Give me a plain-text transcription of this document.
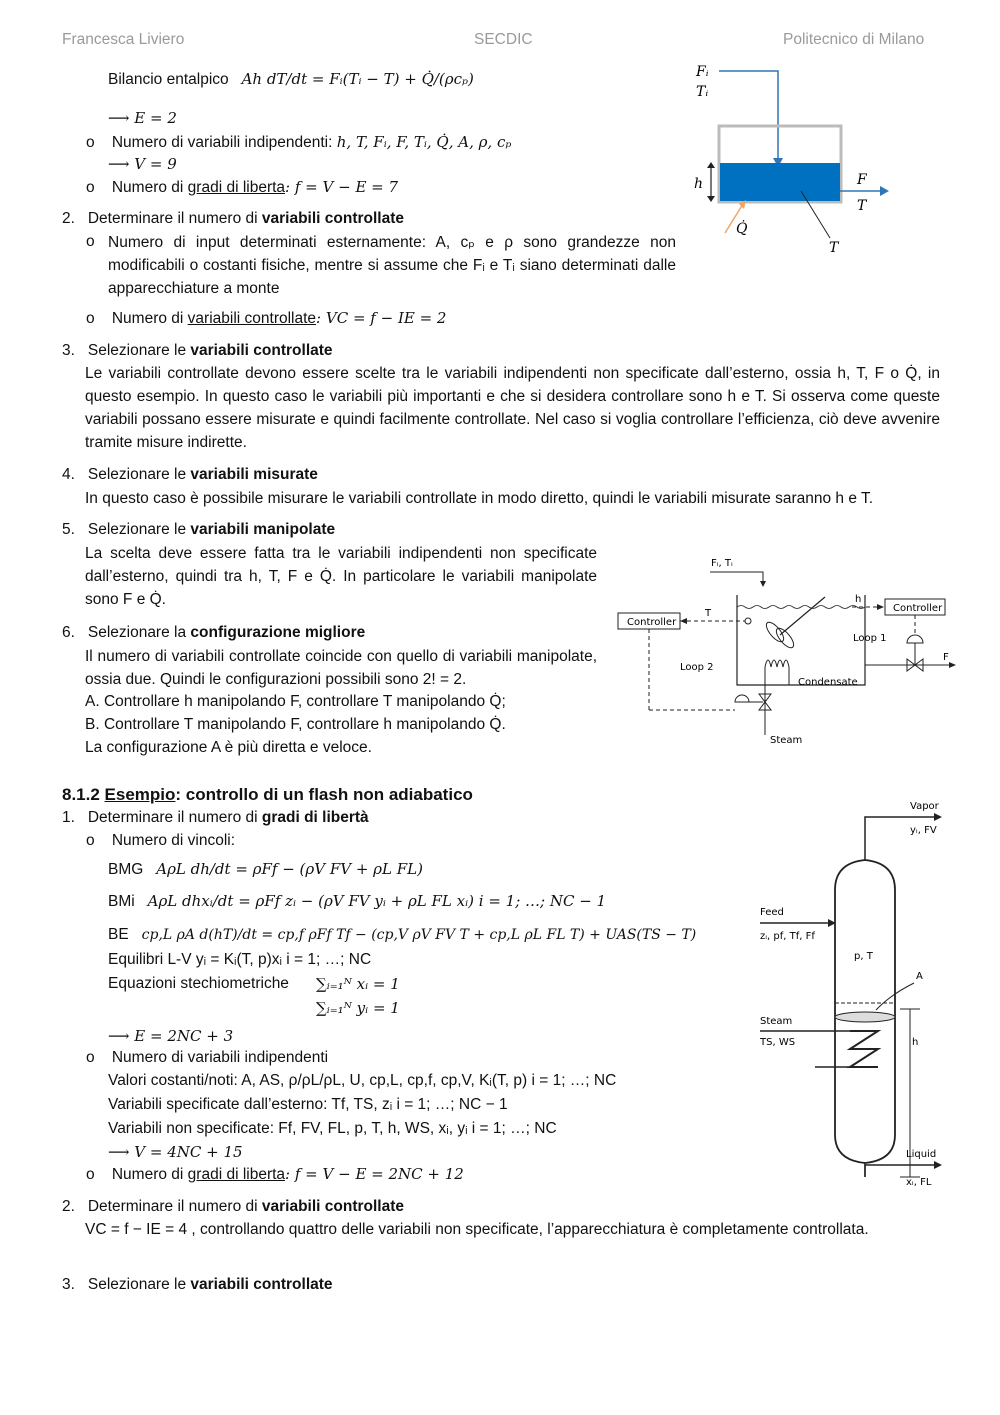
Francesca Liviero	SECDIC	Politecnico di Milano
Bilancio entalpico Ah dT/dt = Fᵢ(Tᵢ − T) + Q̇/(ρcₚ)
⟶ E = 2
o Numero di variabili indipendenti: h, T, Fᵢ, F, Tᵢ, Q̇, A, ρ, cₚ
⟶ V = 9
o Numero di gradi di liberta: f = V − E = 7
2. Determinare il numero di variabili controllate
o Numero di input determinati esternamente: A, cₚ e ρ sono grandezze non modificabili o costanti fisiche, mentre si assume che Fᵢ e Tᵢ siano determinati dalle apparecchiature a monte
o Numero di variabili controllate: VC = f − IE = 2
3. Selezionare le variabili controllate
Le variabili controllate devono essere scelte tra le variabili indipendenti non specificate dall’esterno, ossia h, T, F o Q̇, in questo esempio. In questo caso le variabili più importanti e che si desidera controllare sono h e T. Si osserva come queste variabili possano essere misurate e quindi facilmente controllate. Nel caso si voglia controllare l’efficienza, ciò deve avvenire tramite misure indirette.
4. Selezionare le variabili misurate
In questo caso è possibile misurare le variabili controllate in modo diretto, quindi le variabili misurate saranno h e T.
5. Selezionare le variabili manipolate
La scelta deve essere fatta tra le variabili indipendenti non specificate dall’esterno, quindi tra h, T, F e Q̇. In particolare le variabili manipolate sono F e Q̇.
6. Selezionare la configurazione migliore
Il numero di variabili controllate coincide con quello di variabili manipolate, ossia due. Quindi le configurazioni possibili sono 2! = 2.
A. Controllare h manipolando F, controllare T manipolando Q̇;
B. Controllare T manipolando F, controllare h manipolando Q̇.
La configurazione A è più diretta e veloce.
Fᵢ
Tᵢ
F
T
h
Q̇
T
Fᵢ, Tᵢ
Controller
T
h
Controller
Loop 1
F
Loop 2
Condensate
Steam
8.1.2 Esempio: controllo di un flash non adiabatico
1. Determinare il numero di gradi di libertà
o Numero di vincoli:
BMG AρL dh/dt = ρFf − (ρV FV + ρL FL)
BMi AρL dhxᵢ/dt = ρFf zᵢ − (ρV FV yᵢ + ρL FL xᵢ) i = 1; …; NC − 1
BE cp,L ρA d(hT)/dt = cp,f ρFf Tf − (cp,V ρV FV T + cp,L ρL FL T) + UAS(TS − T)
Equilibri L-V yᵢ = Kᵢ(T, p)xᵢ i = 1; …; NC
Equazioni stechiometriche ∑ᵢ₌₁ᴺ xᵢ = 1
∑ᵢ₌₁ᴺ yᵢ = 1
⟶ E = 2NC + 3
o Numero di variabili indipendenti
Valori costanti/noti: A, AS, ρ/ρL/ρL, U, cp,L, cp,f, cp,V, Kᵢ(T, p) i = 1; …; NC
Variabili specificate dall’esterno: Tf, TS, zᵢ i = 1; …; NC − 1
Variabili non specificate: Ff, FV, FL, p, T, h, WS, xᵢ, yᵢ i = 1; …; NC
⟶ V = 4NC + 15
o Numero di gradi di liberta: f = V − E = 2NC + 12
2. Determinare il numero di variabili controllate
VC = f − IE = 4 , controllando quattro delle variabili non specificate, l’apparecchiatura è completamente controllata.
3. Selezionare le variabili controllate
Vapor
yᵢ, FV
Feed
zᵢ, pf, Tf, Ff
p, T
A
Steam
TS, WS	h
Liquid
xᵢ, FL
